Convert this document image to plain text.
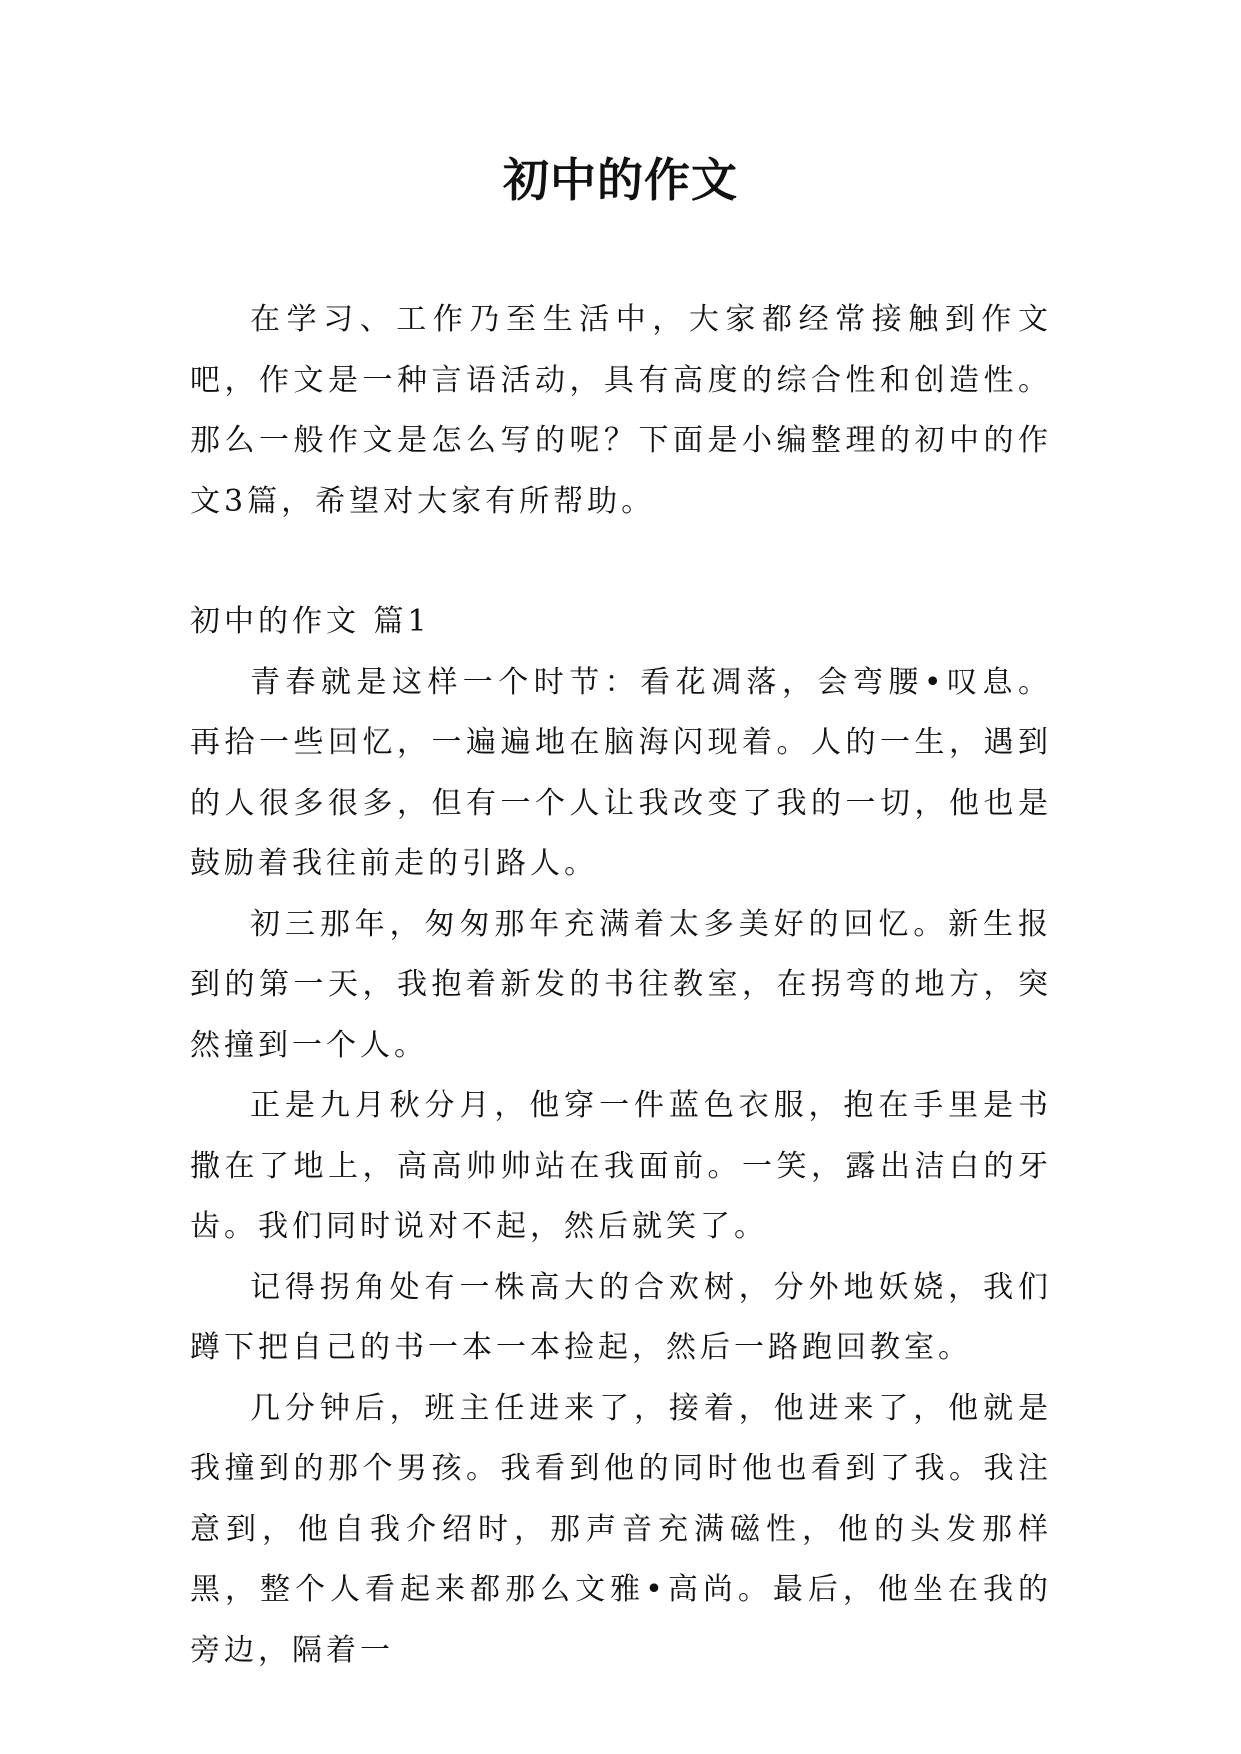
初中的作文

在学习、工作乃至生活中，大家都经常接触到作文吧，作文是一种言语活动，具有高度的综合性和创造性。那么一般作文是怎么写的呢？下面是小编整理的初中的作文3篇，希望对大家有所帮助。

初中的作文 篇1

青春就是这样一个时节：看花凋落，会弯腰•叹息。再拾一些回忆，一遍遍地在脑海闪现着。人的一生，遇到的人很多很多，但有一个人让我改变了我的一切，他也是鼓励着我往前走的引路人。

初三那年，匆匆那年充满着太多美好的回忆。新生报到的第一天，我抱着新发的书往教室，在拐弯的地方，突然撞到一个人。

正是九月秋分月，他穿一件蓝色衣服，抱在手里是书撒在了地上，高高帅帅站在我面前。一笑，露出洁白的牙齿。我们同时说对不起，然后就笑了。

记得拐角处有一株高大的合欢树，分外地妖娆，我们蹲下把自己的书一本一本捡起，然后一路跑回教室。

几分钟后，班主任进来了，接着，他进来了，他就是我撞到的那个男孩。我看到他的同时他也看到了我。我注意到，他自我介绍时，那声音充满磁性，他的头发那样黑，整个人看起来都那么文雅•高尚。最后，他坐在我的旁边，隔着一
